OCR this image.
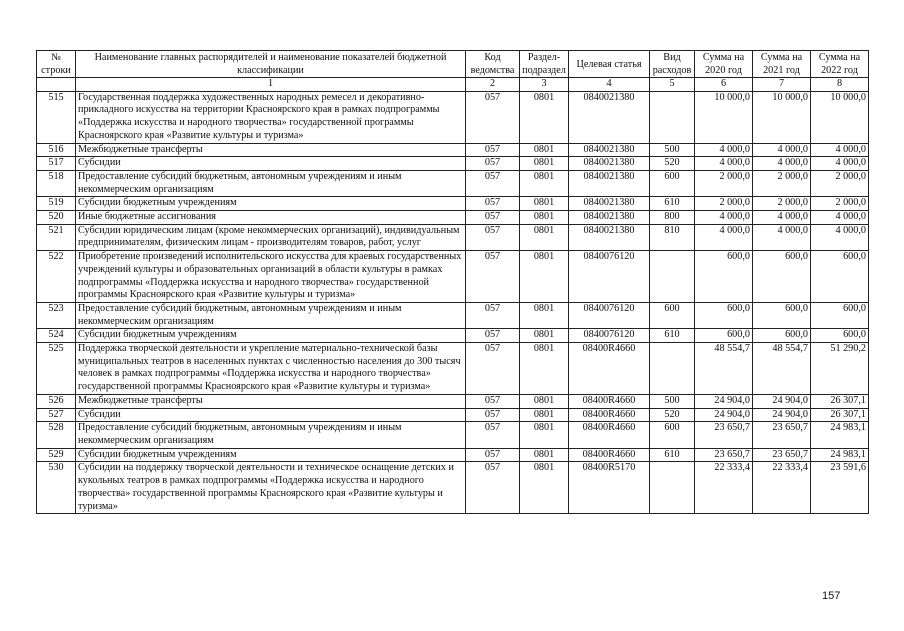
№ строки	Наименование главных распорядителей и наименование показателей бюджетной классификации	Код ведомства	Раздел-подраздел	Целевая статья	Вид расходов	Сумма на 2020 год	Сумма на 2021 год	Сумма на 2022 год
	1	2	3	4	5	6	7	8
515	Государственная поддержка художественных народных ремесел и декоративно-прикладного искусства на территории Красноярского края в рамках подпрограммы «Поддержка искусства и народного творчества» государственной программы Красноярского края «Развитие культуры и туризма»	057	0801	0840021380		10 000,0	10 000,0	10 000,0
516	Межбюджетные трансферты	057	0801	0840021380	500	4 000,0	4 000,0	4 000,0
517	Субсидии	057	0801	0840021380	520	4 000,0	4 000,0	4 000,0
518	Предоставление субсидий бюджетным, автономным учреждениям и иным некоммерческим организациям	057	0801	0840021380	600	2 000,0	2 000,0	2 000,0
519	Субсидии бюджетным учреждениям	057	0801	0840021380	610	2 000,0	2 000,0	2 000,0
520	Иные бюджетные ассигнования	057	0801	0840021380	800	4 000,0	4 000,0	4 000,0
521	Субсидии юридическим лицам (кроме некоммерческих организаций), индивидуальным предпринимателям, физическим лицам - производителям товаров, работ, услуг	057	0801	0840021380	810	4 000,0	4 000,0	4 000,0
522	Приобретение произведений исполнительского искусства для краевых государственных учреждений культуры и образовательных организаций в области культуры в рамках подпрограммы «Поддержка искусства и народного творчества» государственной программы Красноярского края «Развитие культуры и туризма»	057	0801	0840076120		600,0	600,0	600,0
523	Предоставление субсидий бюджетным, автономным учреждениям и иным некоммерческим организациям	057	0801	0840076120	600	600,0	600,0	600,0
524	Субсидии бюджетным учреждениям	057	0801	0840076120	610	600,0	600,0	600,0
525	Поддержка творческой деятельности и укрепление материально-технической базы муниципальных театров в населенных пунктах с численностью населения до 300 тысяч человек в рамках подпрограммы «Поддержка искусства и народного творчества» государственной программы Красноярского края «Развитие культуры и туризма»	057	0801	08400R4660		48 554,7	48 554,7	51 290,2
526	Межбюджетные трансферты	057	0801	08400R4660	500	24 904,0	24 904,0	26 307,1
527	Субсидии	057	0801	08400R4660	520	24 904,0	24 904,0	26 307,1
528	Предоставление субсидий бюджетным, автономным учреждениям и иным некоммерческим организациям	057	0801	08400R4660	600	23 650,7	23 650,7	24 983,1
529	Субсидии бюджетным учреждениям	057	0801	08400R4660	610	23 650,7	23 650,7	24 983,1
530	Субсидии на поддержку творческой деятельности и техническое оснащение детских и кукольных театров в рамках подпрограммы «Поддержка искусства и народного творчества» государственной программы Красноярского края «Развитие культуры и туризма»	057	0801	08400R5170		22 333,4	22 333,4	23 591,6
157
